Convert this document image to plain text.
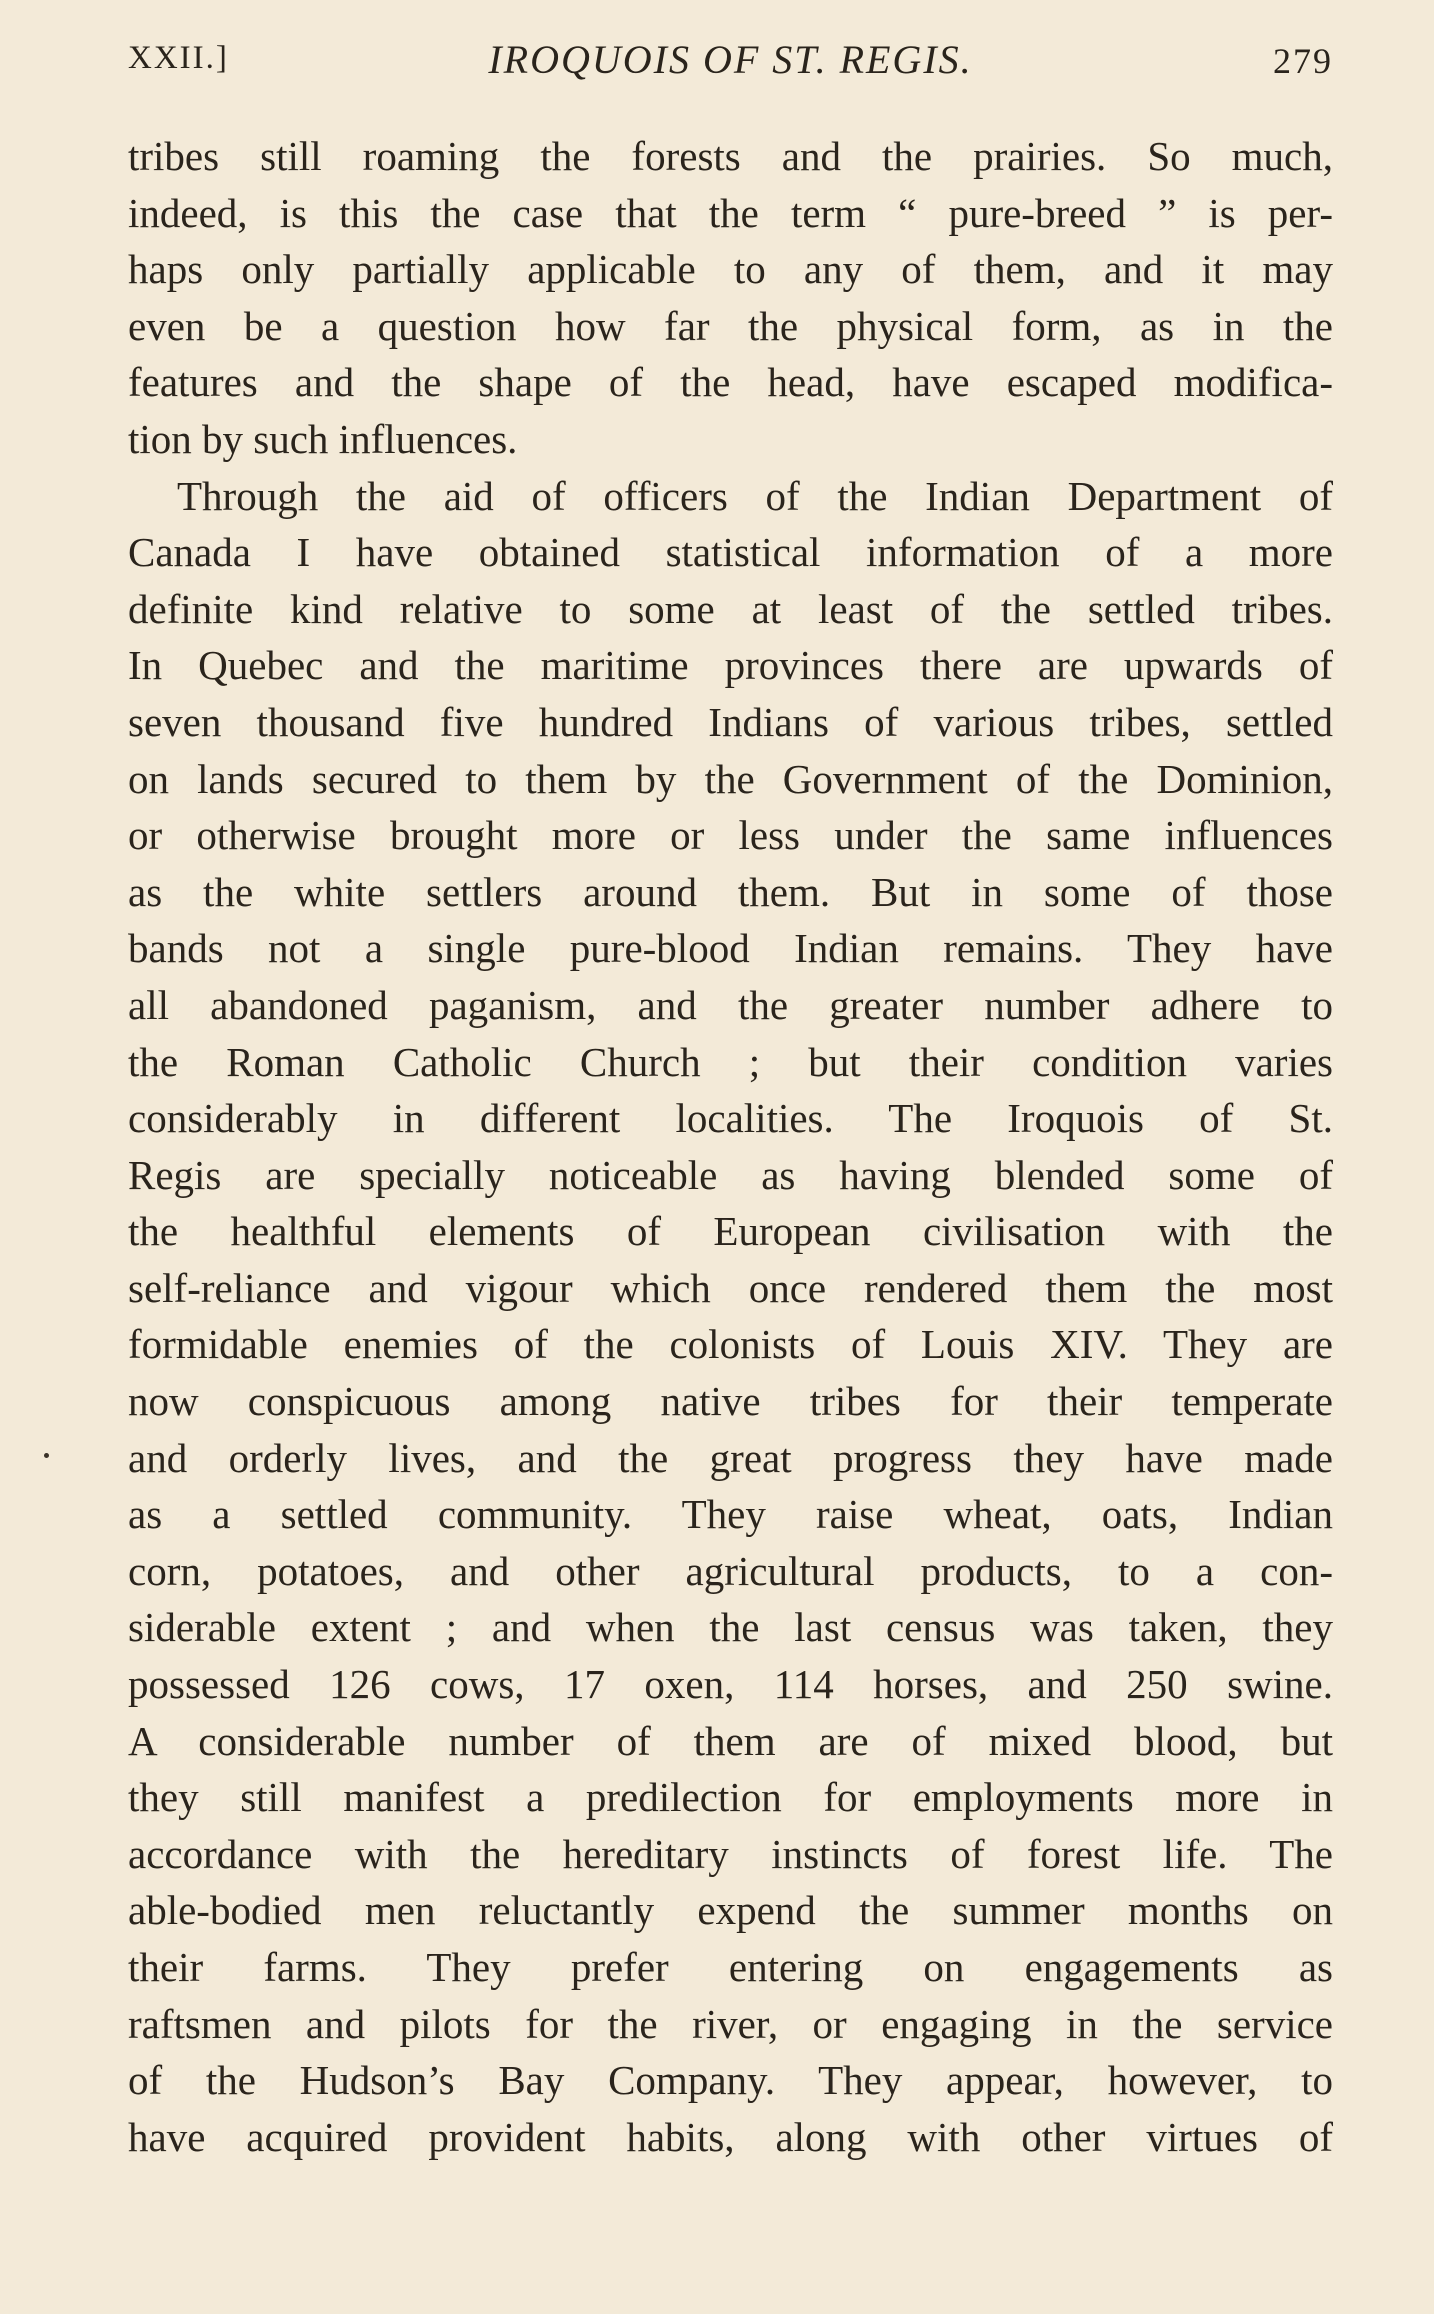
XXII.]	IROQUOIS OF ST. REGIS.	279
tribes still roaming the forests and the prairies. So much,
indeed, is this the case that the term “ pure-breed ” is per-
haps only partially applicable to any of them, and it may
even be a question how far the physical form, as in the
features and the shape of the head, have escaped modifica-
tion by such influences.
Through the aid of officers of the Indian Department of
Canada I have obtained statistical information of a more
definite kind relative to some at least of the settled tribes.
In Quebec and the maritime provinces there are upwards of
seven thousand five hundred Indians of various tribes, settled
on lands secured to them by the Government of the Dominion,
or otherwise brought more or less under the same influences
as the white settlers around them. But in some of those
bands not a single pure-blood Indian remains. They have
all abandoned paganism, and the greater number adhere to
the Roman Catholic Church ; but their condition varies
considerably in different localities. The Iroquois of St.
Regis are specially noticeable as having blended some of
the healthful elements of European civilisation with the
self-reliance and vigour which once rendered them the most
formidable enemies of the colonists of Louis XIV. They are
now conspicuous among native tribes for their temperate
and orderly lives, and the great progress they have made
as a settled community. They raise wheat, oats, Indian
corn, potatoes, and other agricultural products, to a con-
siderable extent ; and when the last census was taken, they
possessed 126 cows, 17 oxen, 114 horses, and 250 swine.
A considerable number of them are of mixed blood, but
they still manifest a predilection for employments more in
accordance with the hereditary instincts of forest life. The
able-bodied men reluctantly expend the summer months on
their farms. They prefer entering on engagements as
raftsmen and pilots for the river, or engaging in the service
of the Hudson’s Bay Company. They appear, however, to
have acquired provident habits, along with other virtues of
